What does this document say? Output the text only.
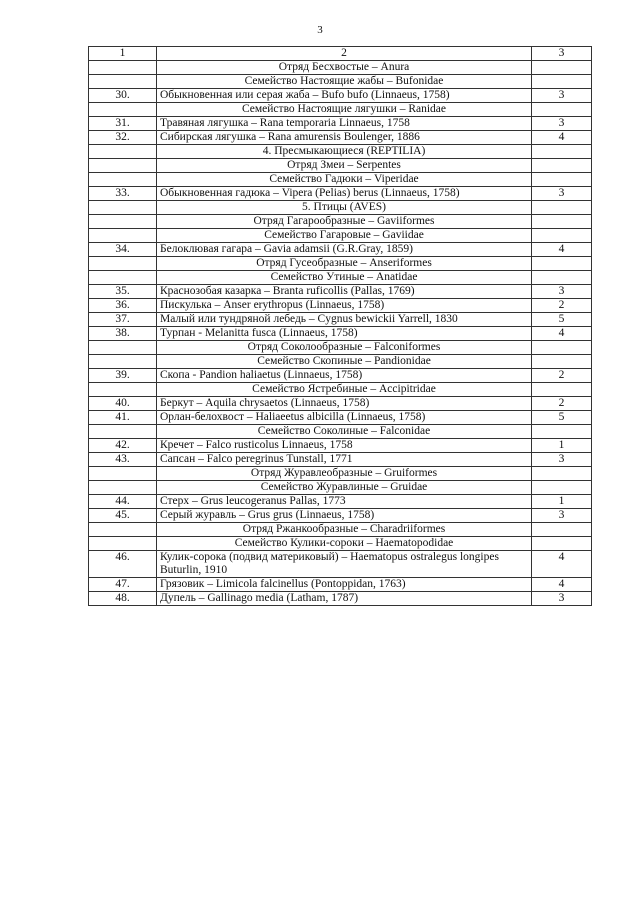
3
1	2	3
	Отряд Бесхвостые – Anura	
	Семейство Настоящие жабы – Bufonidae	
30.	Обыкновенная или серая жаба – Bufo bufo (Linnaeus, 1758)	3
	Семейство Настоящие лягушки – Ranidae	
31.	Травяная лягушка – Rana temporaria Linnaeus, 1758	3
32.	Сибирская лягушка – Rana amurensis Boulenger, 1886	4
	4. Пресмыкающиеся (REPTILIA)	
	Отряд Змеи – Serpentes	
	Семейство Гадюки – Viperidae	
33.	Обыкновенная гадюка – Vipera (Pelias) berus (Linnaeus, 1758)	3
	5. Птицы (AVES)	
	Отряд Гагарообразные – Gaviiformes	
	Семейство Гагаровые – Gaviidae	
34.	Белоклювая гагара – Gavia adamsii (G.R.Gray, 1859)	4
	Отряд Гусеобразные – Anseriformes	
	Семейство Утиные – Anatidae	
35.	Краснозобая казарка – Branta ruficollis (Pallas, 1769)	3
36.	Пискулька – Anser erythropus (Linnaeus, 1758)	2
37.	Малый или тундряной лебедь – Cygnus bewickii Yarrell, 1830	5
38.	Турпан - Melanitta fusca (Linnaeus, 1758)	4
	Отряд Соколообразные – Falconiformes	
	Семейство Скопиные – Pandionidae	
39.	Скопа - Pandion haliaetus (Linnaeus, 1758)	2
	Семейство Ястребиные – Accipitridae	
40.	Беркут – Aquila chrysaetos (Linnaeus, 1758)	2
41.	Орлан-белохвост – Haliaeetus albicilla (Linnaeus, 1758)	5
	Семейство Соколиные – Falconidae	
42.	Кречет – Falco rusticolus Linnaeus, 1758	1
43.	Сапсан – Falco peregrinus Tunstall, 1771	3
	Отряд Журавлеобразные – Gruiformes	
	Семейство Журавлиные – Gruidae	
44.	Стерх – Grus leucogeranus Pallas, 1773	1
45.	Серый журавль – Grus grus (Linnaeus, 1758)	3
	Отряд Ржанкообразные – Charadriiformes	
	Семейство Кулики-сороки – Haematopodidae	
46.	Кулик-сорока (подвид материковый) – Haematopus ostralegus longipes Buturlin, 1910	4
47.	Грязовик – Limicola falcinellus (Pontoppidan, 1763)	4
48.	Дупель – Gallinago media (Latham, 1787)	3
